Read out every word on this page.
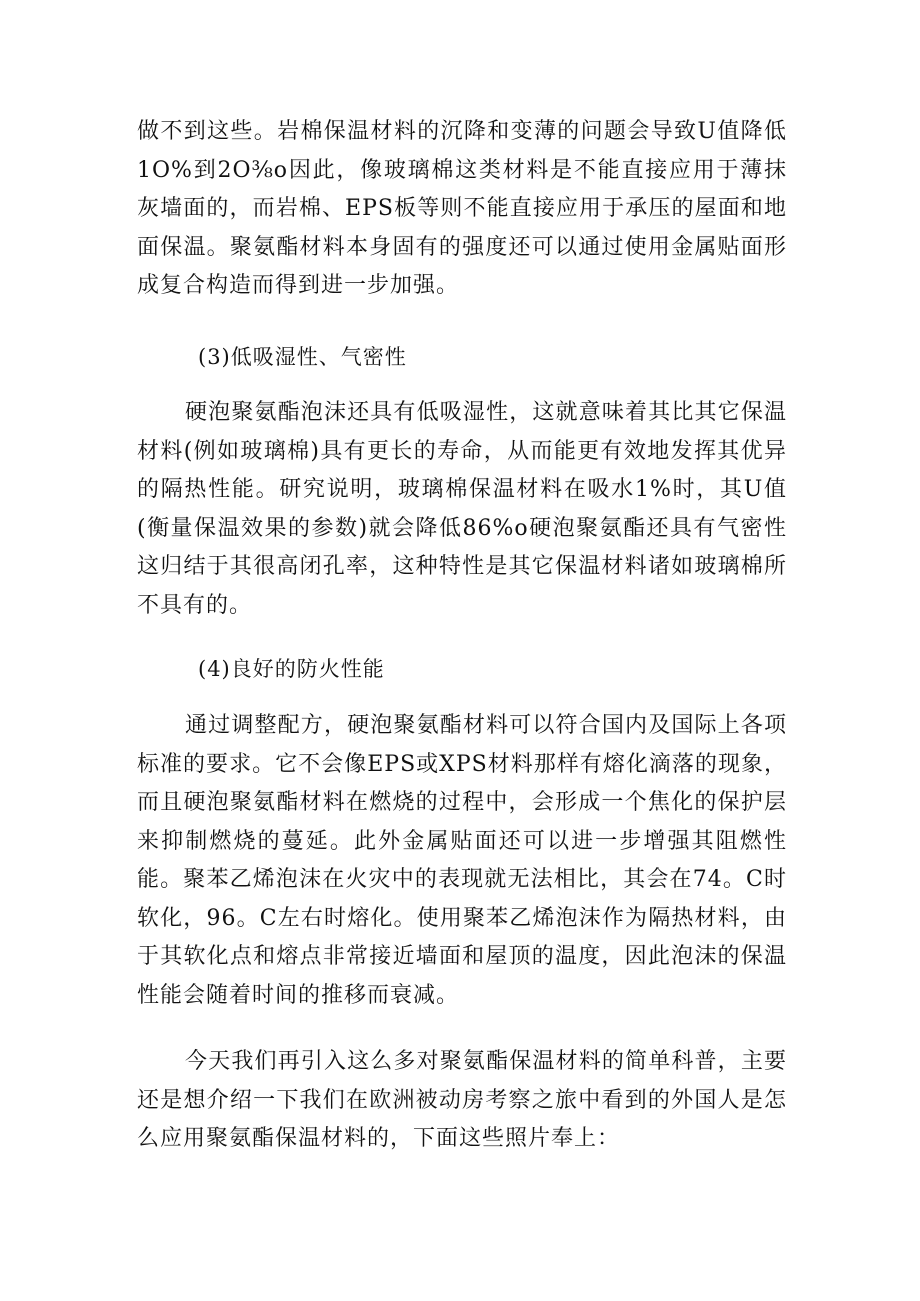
做不到这些。岩棉保温材料的沉降和变薄的问题会导致U值降低1O%到2O⅜o因此，像玻璃棉这类材料是不能直接应用于薄抹灰墙面的，而岩棉、EPS板等则不能直接应用于承压的屋面和地面保温。聚氨酯材料本身固有的强度还可以通过使用金属贴面形成复合构造而得到进一步加强。

(3)低吸湿性、气密性

硬泡聚氨酯泡沫还具有低吸湿性，这就意味着其比其它保温材料(例如玻璃棉)具有更长的寿命，从而能更有效地发挥其优异的隔热性能。研究说明，玻璃棉保温材料在吸水1%时，其U值(衡量保温效果的参数)就会降低86%o硬泡聚氨酯还具有气密性这归结于其很高闭孔率，这种特性是其它保温材料诸如玻璃棉所不具有的。

(4)良好的防火性能

通过调整配方，硬泡聚氨酯材料可以符合国内及国际上各项标准的要求。它不会像EPS或XPS材料那样有熔化滴落的现象，而且硬泡聚氨酯材料在燃烧的过程中，会形成一个焦化的保护层来抑制燃烧的蔓延。此外金属贴面还可以进一步增强其阻燃性能。聚苯乙烯泡沫在火灾中的表现就无法相比，其会在74。C时软化，96。C左右时熔化。使用聚苯乙烯泡沫作为隔热材料，由于其软化点和熔点非常接近墙面和屋顶的温度，因此泡沫的保温性能会随着时间的推移而衰减。

今天我们再引入这么多对聚氨酯保温材料的简单科普，主要还是想介绍一下我们在欧洲被动房考察之旅中看到的外国人是怎么应用聚氨酯保温材料的，下面这些照片奉上：
